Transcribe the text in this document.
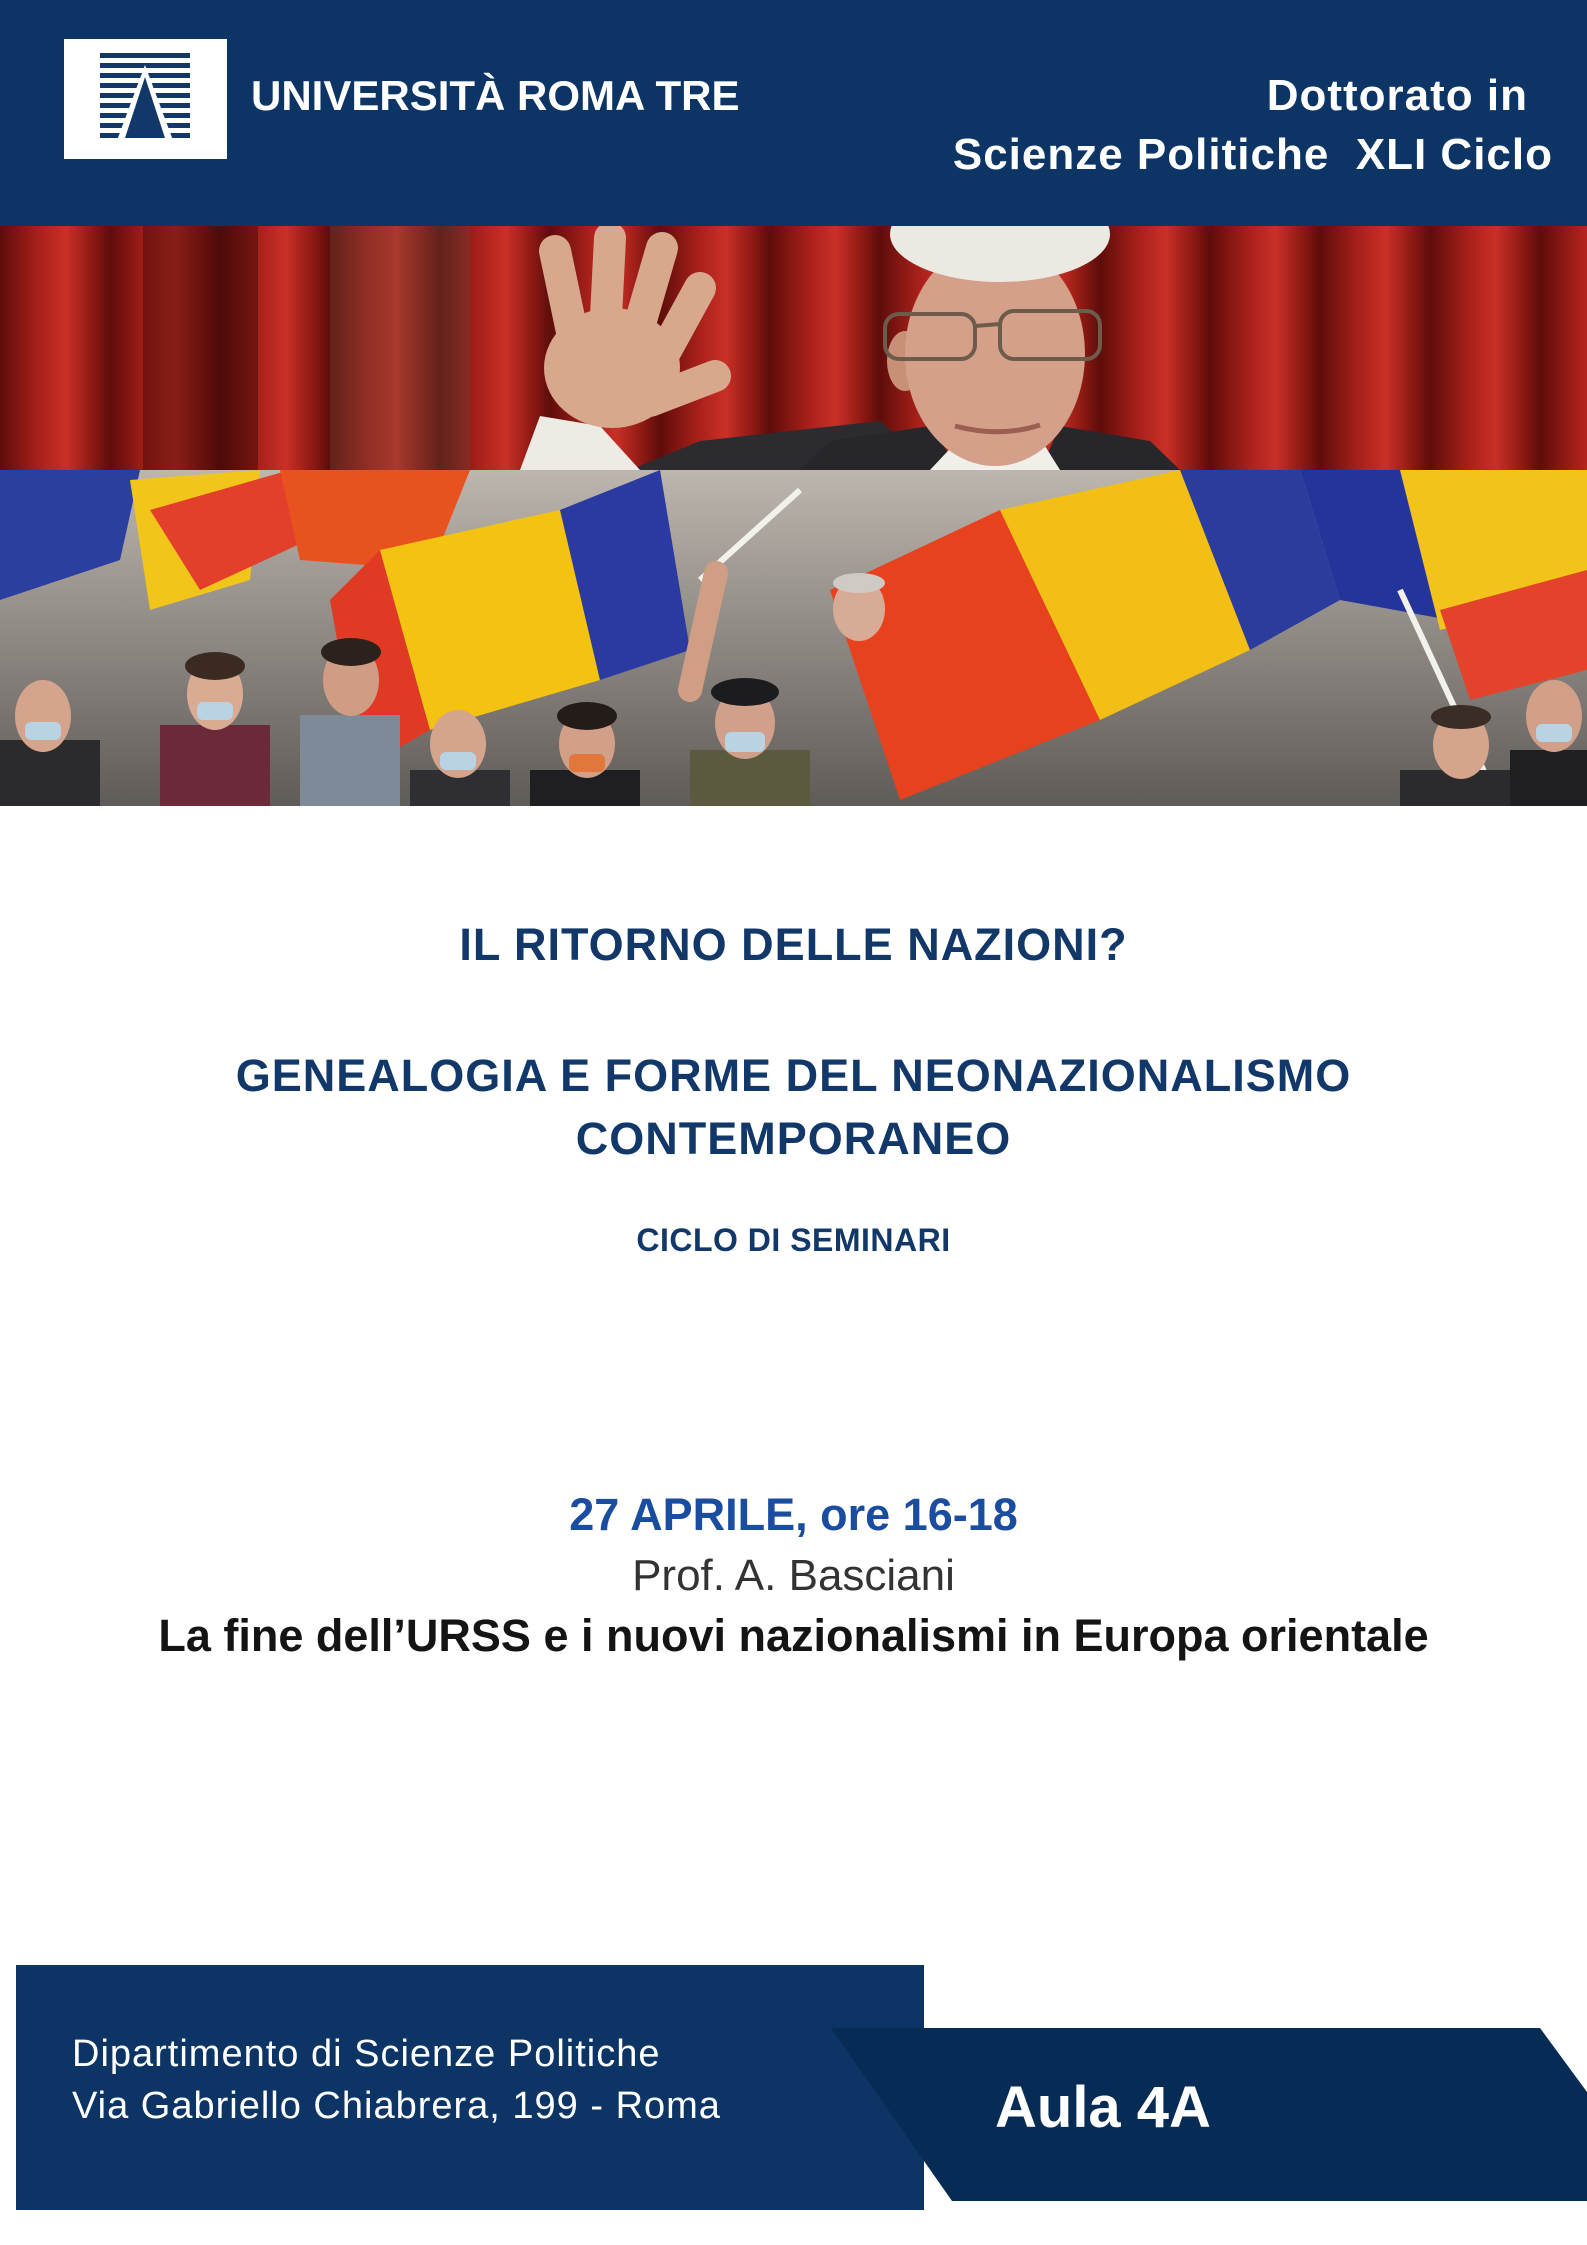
UNIVERSITÀ ROMA TRE	Dottorato in
Scienze Politiche  XLI Ciclo
IL RITORNO DELLE NAZIONI?
GENEALOGIA E FORME DEL NEONAZIONALISMO
CONTEMPORANEO
CICLO DI SEMINARI
27 APRILE, ore 16-18
Prof. A. Basciani
La fine dell’URSS e i nuovi nazionalismi in Europa orientale
Dipartimento di Scienze Politiche
Via Gabriello Chiabrera, 199 - Roma	Aula 4A
